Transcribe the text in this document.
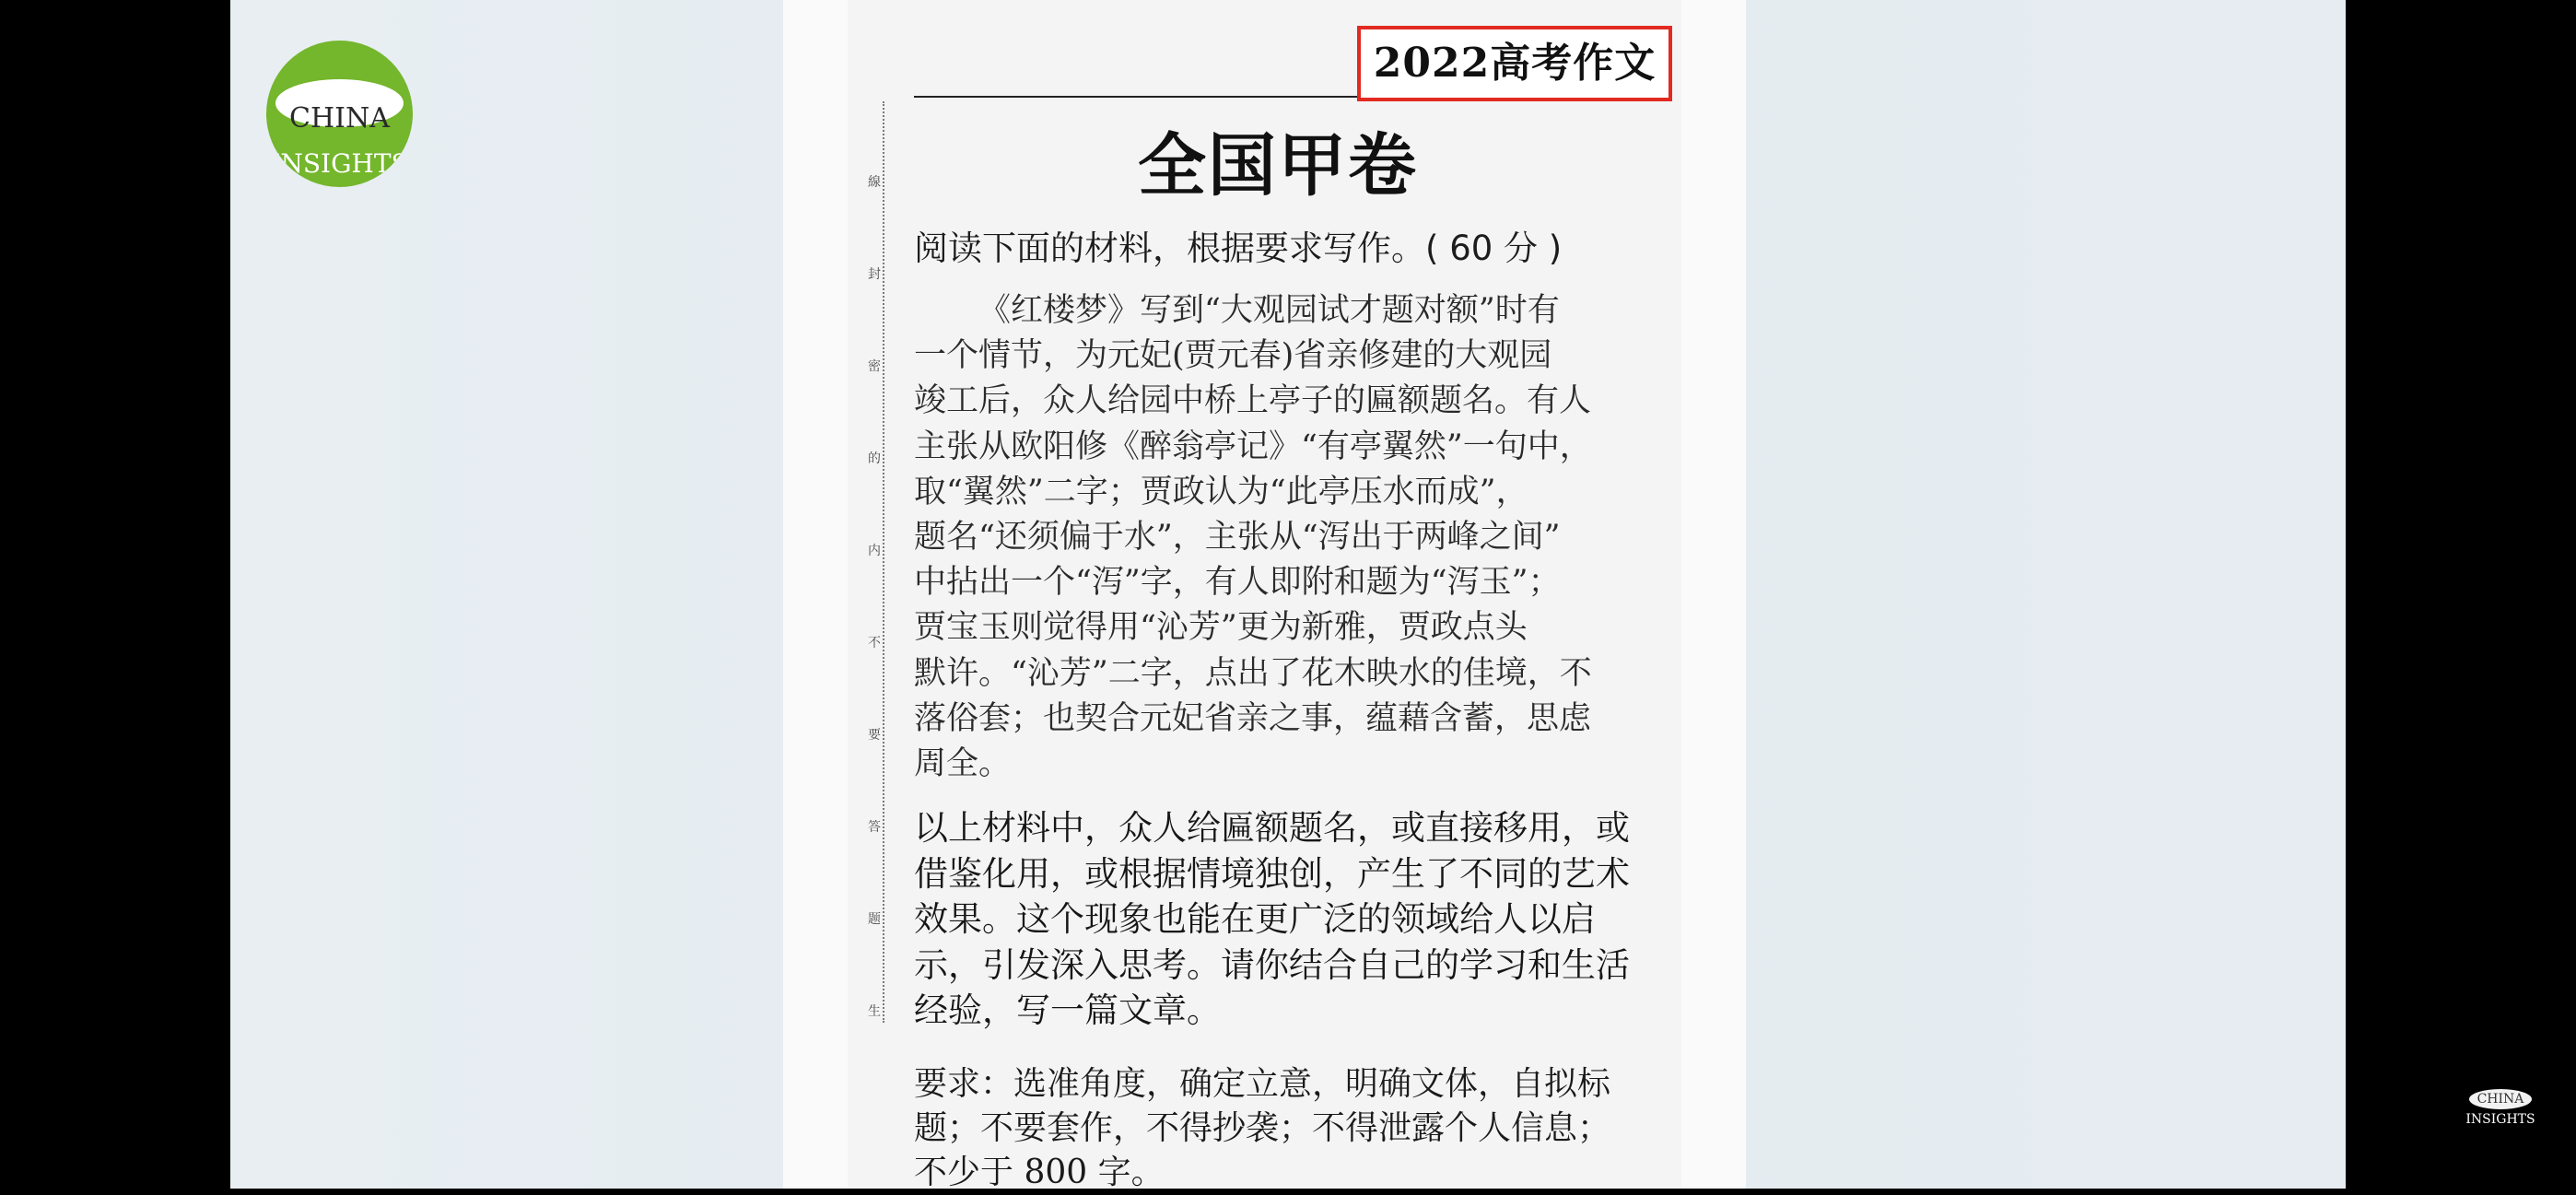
CHINA
INSIGHTS
線
封
密
的
内
不
要
答
题
生
2022高考作文
全国甲卷
阅读下面的材料，根据要求写作。( 60 分 )
《红楼梦》写到“大观园试才题对额”时有
一个情节，为元妃(贾元春)省亲修建的大观园
竣工后，众人给园中桥上亭子的匾额题名。有人
主张从欧阳修《醉翁亭记》“有亭翼然”一句中，
取“翼然”二字；贾政认为“此亭压水而成”，
题名“还须偏于水”，主张从“泻出于两峰之间”
中拈出一个“泻”字，有人即附和题为“泻玉”；
贾宝玉则觉得用“沁芳”更为新雅，贾政点头
默许。“沁芳”二字，点出了花木映水的佳境，不
落俗套；也契合元妃省亲之事，蕴藉含蓄，思虑
周全。
以上材料中，众人给匾额题名，或直接移用，或
借鉴化用，或根据情境独创，产生了不同的艺术
效果。这个现象也能在更广泛的领域给人以启
示，引发深入思考。请你结合自己的学习和生活
经验，写一篇文章。
要求：选准角度，确定立意，明确文体，自拟标
题；不要套作，不得抄袭；不得泄露个人信息；
不少于 800 字。
CHINA
INSIGHTS
